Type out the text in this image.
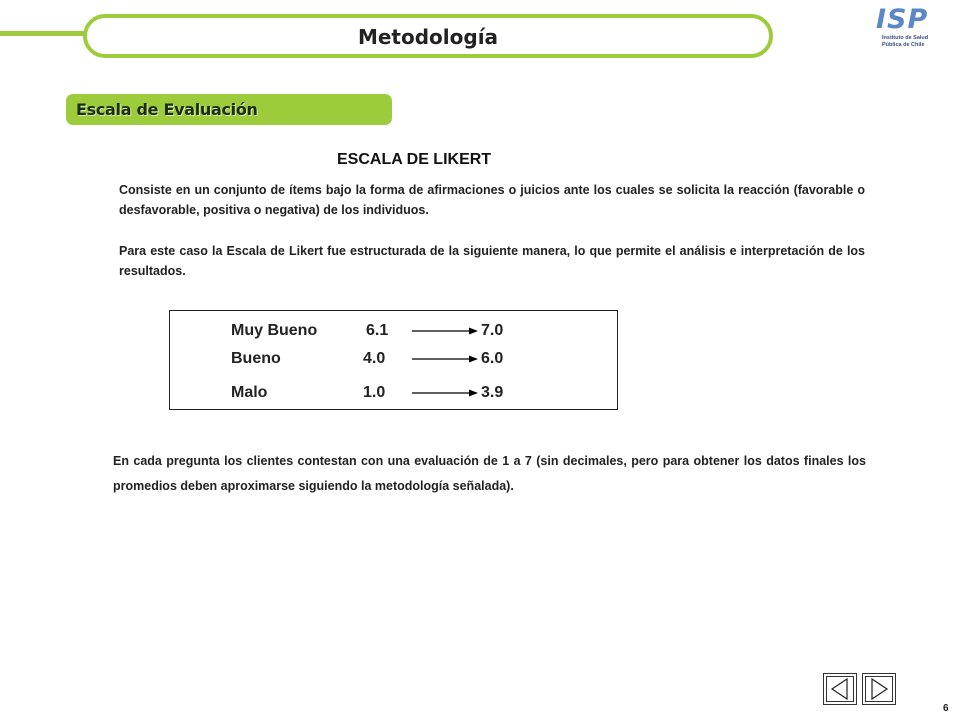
Metodología
ISP
Instituto de Salud
Pública de Chile
Escala de Evaluación
ESCALA DE LIKERT
Consiste en un conjunto de ítems bajo la forma de afirmaciones o juicios ante los cuales se solicita la reacción (favorable o desfavorable, positiva o negativa) de los individuos.
Para este caso la Escala de Likert fue estructurada de la siguiente manera, lo que permite el análisis e interpretación de los resultados.
Muy Bueno	6.1	7.0
Bueno	4.0	6.0
Malo	1.0	3.9
En cada pregunta los clientes contestan con una evaluación de 1 a 7 (sin decimales, pero para obtener los datos finales los promedios deben aproximarse siguiendo la metodología señalada).
6
